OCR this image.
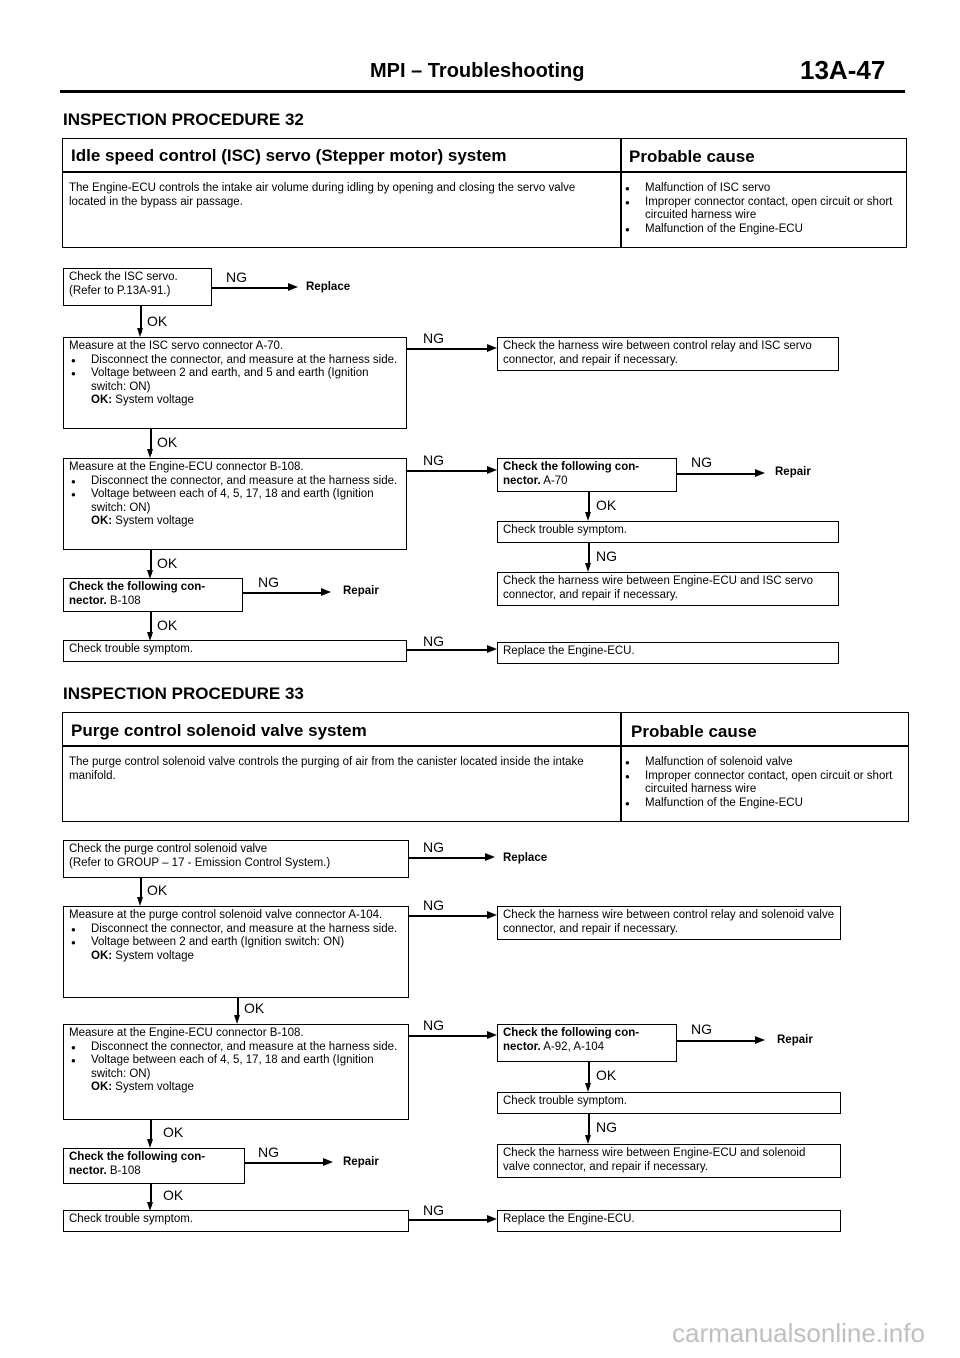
MPI – Troubleshooting	13A-47
INSPECTION PROCEDURE 32
Idle speed control (ISC) servo (Stepper motor) system	Probable cause
The Engine-ECU controls the intake air volume during idling by opening and closing the servo valve located in the bypass air passage.

● Malfunction of ISC servo

● Improper connector contact, open circuit or short circuited harness wire

● Malfunction of the Engine-ECU

Check the ISC servo.
(Refer to P.13A-91.)
NG
Replace
OK
Measure at the ISC servo connector A-70.

● Disconnect the connector, and measure at the harness side.

● Voltage between 2 and earth, and 5 and earth (Ignition switch: ON)

OK: System voltage
NG	Check the harness wire between control relay and ISC servo connector, and repair if necessary.
OK
Measure at the Engine-ECU connector B-108.

● Disconnect the connector, and measure at the harness side.

● Voltage between each of 4, 5, 17, 18 and earth (Ignition switch: ON)

OK: System voltage
NG	Check the following con- nector. A-70
NG
Repair
OK
Check trouble symptom.
NG
Check the harness wire between Engine-ECU and ISC servo connector, and repair if necessary.
OK
Check the following con- nector. B-108
NG
Repair
OK
Check trouble symptom.	NG
Replace the Engine-ECU.
INSPECTION PROCEDURE 33
Purge control solenoid valve system	Probable cause
The purge control solenoid valve controls the purging of air from the canister located inside the intake manifold.

● Malfunction of solenoid valve

● Improper connector contact, open circuit or short circuited harness wire

● Malfunction of the Engine-ECU

Check the purge control solenoid valve
(Refer to GROUP – 17 - Emission Control System.)
NG
Replace
OK
Measure at the purge control solenoid valve connector A-104.

● Disconnect the connector, and measure at the harness side.

● Voltage between 2 and earth (Ignition switch: ON)

OK: System voltage
NG
Check the harness wire between control relay and solenoid valve connector, and repair if necessary.
OK
Measure at the Engine-ECU connector B-108.

● Disconnect the connector, and measure at the harness side.

● Voltage between each of 4, 5, 17, 18 and earth (Ignition switch: ON)

OK: System voltage
NG	Check the following con- nector. A-92, A-104
NG
Repair
OK
Check trouble symptom.
NG
Check the harness wire between Engine-ECU and solenoid valve connector, and repair if necessary.
OK
Check the following con- nector. B-108
NG
Repair
OK
Check trouble symptom.
NG
Replace the Engine-ECU.
carmanualsonline.info
